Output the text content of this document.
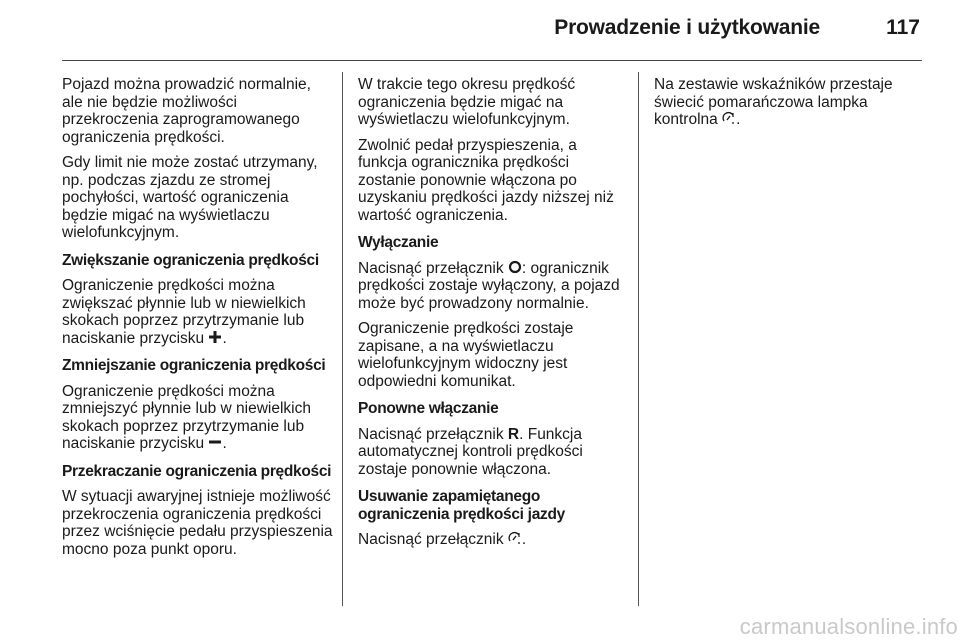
Prowadzenie i użytkowanie	117

Pojazd można prowadzić normalnie, ale nie będzie możliwości przekroczenia zaprogramowanego ograniczenia prędkości.

Gdy limit nie może zostać utrzymany, np. podczas zjazdu ze stromej pochyłości, wartość ograniczenia będzie migać na wyświetlaczu wielofunkcyjnym.

Zwiększanie ograniczenia prędkości

Ograniczenie prędkości można zwiększać płynnie lub w niewielkich skokach poprzez przytrzymanie lub naciskanie przycisku .

Zmniejszanie ograniczenia prędkości

Ograniczenie prędkości można zmniejszyć płynnie lub w niewielkich skokach poprzez przytrzymanie lub naciskanie przycisku .

Przekraczanie ograniczenia prędkości

W sytuacji awaryjnej istnieje możliwość przekroczenia ograniczenia prędkości przez wciśnięcie pedału przyspieszenia mocno poza punkt oporu.

W trakcie tego okresu prędkość ograniczenia będzie migać na wyświetlaczu wielofunkcyjnym.

Zwolnić pedał przyspieszenia, a funkcja ogranicznika prędkości zostanie ponownie włączona po uzyskaniu prędkości jazdy niższej niż wartość ograniczenia.

Wyłączanie

Nacisnąć przełącznik : ogranicznik prędkości zostaje wyłączony, a pojazd może być prowadzony normalnie.

Ograniczenie prędkości zostaje zapisane, a na wyświetlaczu wielofunkcyjnym widoczny jest odpowiedni komunikat.

Ponowne włączanie

Nacisnąć przełącznik R. Funkcja automatycznej kontroli prędkości zostaje ponownie włączona.

Usuwanie zapamiętanego ograniczenia prędkości jazdy

Nacisnąć przełącznik .

Na zestawie wskaźników przestaje świecić pomarańczowa lampka kontrolna .

carmanualsonline.info
